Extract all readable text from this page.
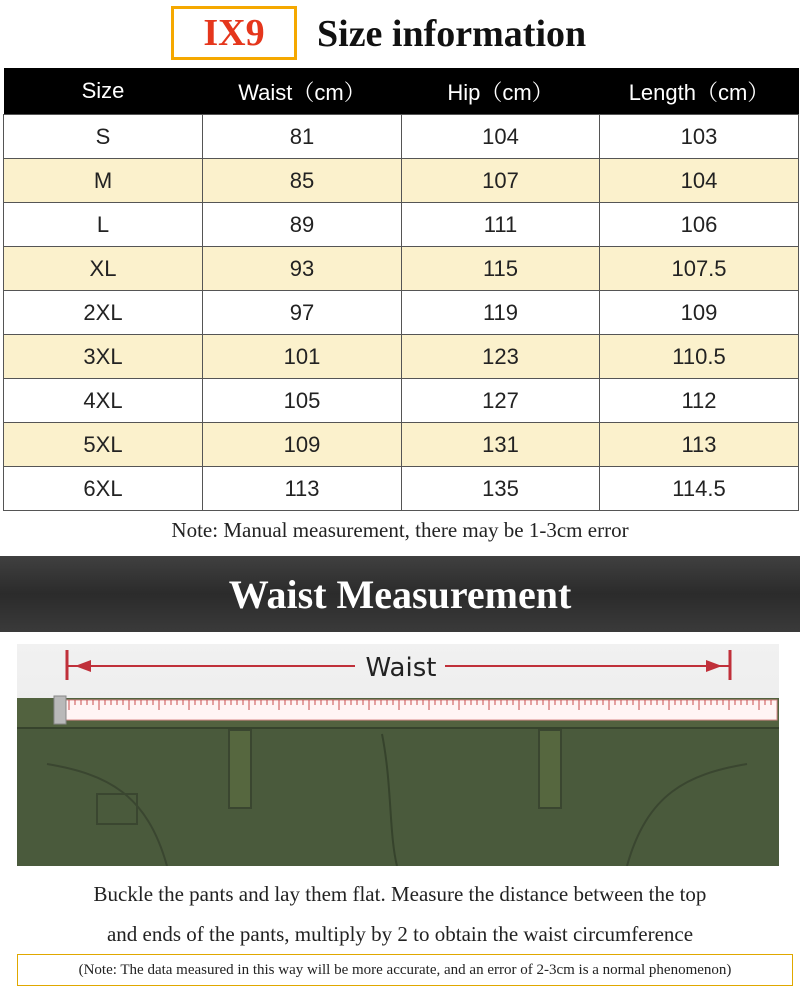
IX9	Size information
Size	Waist（cm）	Hip（cm）	Length（cm）
S	81	104	103
M	85	107	104
L	89	111	106
XL	93	115	107.5
2XL	97	119	109
3XL	101	123	110.5
4XL	105	127	112
5XL	109	131	113
6XL	113	135	114.5
Note: Manual measurement, there may be 1-3cm error
Waist Measurement
Waist
Buckle the pants and lay them flat. Measure the distance between the top
and ends of the pants, multiply by 2 to obtain the waist circumference
(Note: The data measured in this way will be more accurate, and an error of 2-3cm is a normal phenomenon)
